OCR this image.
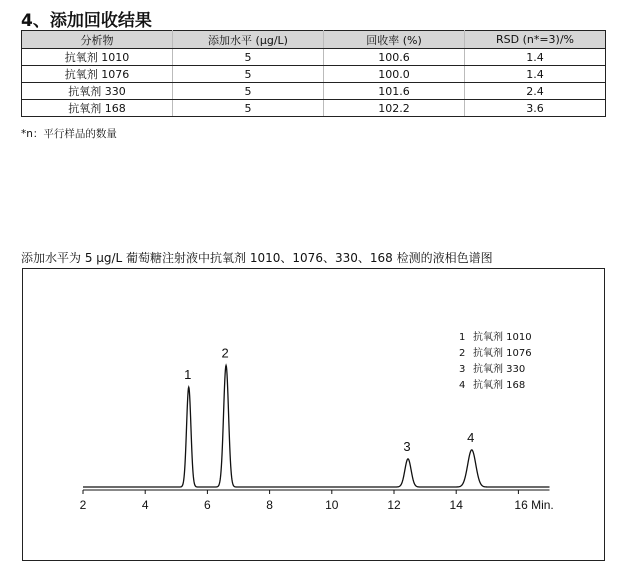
4、添加回收结果
分析物	添加水平 (μg/L)	回收率 (%)	RSD (n*=3)/%
抗氧剂 1010	5	100.6	1.4
抗氧剂 1076	5	100.0	1.4
抗氧剂 330	5	101.6	2.4
抗氧剂 168	5	102.2	3.6
*n：平行样品的数量
添加水平为 5 μg/L 葡萄糖注射液中抗氧剂 1010、1076、330、168 检测的液相色谱图
2	4	6	8	10	12	14	16 Min.
1
2
3
4
1 抗氧剂 1010
2 抗氧剂 1076
3 抗氧剂 330
4 抗氧剂 168
